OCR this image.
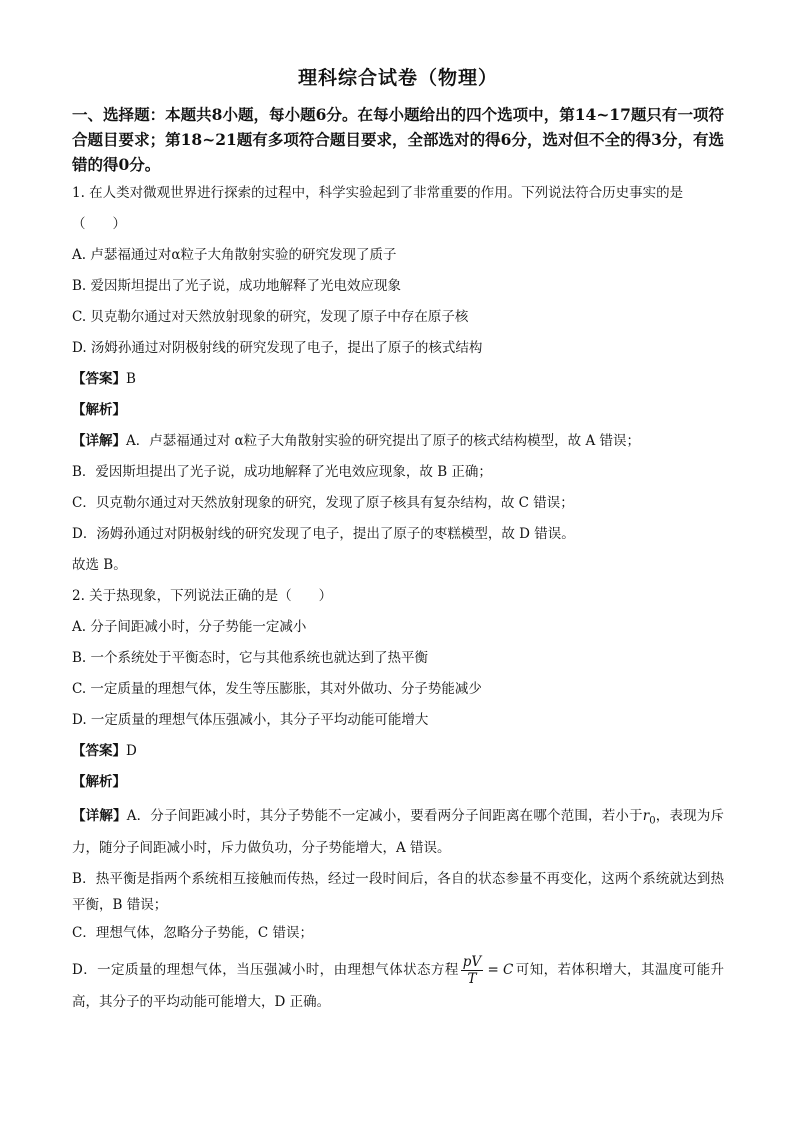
理科综合试卷（物理）
一、选择题：本题共8小题，每小题6分。在每小题给出的四个选项中，第14~17题只有一项符合题目要求；第18~21题有多项符合题目要求，全部选对的得6分，选对但不全的得3分，有选错的得0分。
1. 在人类对微观世界进行探索的过程中，科学实验起到了非常重要的作用。下列说法符合历史事实的是
（　　）
A. 卢瑟福通过对α粒子大角散射实验的研究发现了质子
B. 爱因斯坦提出了光子说，成功地解释了光电效应现象
C. 贝克勒尔通过对天然放射现象的研究，发现了原子中存在原子核
D. 汤姆孙通过对阴极射线的研究发现了电子，提出了原子的核式结构
【答案】B
【解析】
【详解】A．卢瑟福通过对 α粒子大角散射实验的研究提出了原子的核式结构模型，故 A 错误；
B．爱因斯坦提出了光子说，成功地解释了光电效应现象，故 B 正确；
C．贝克勒尔通过对天然放射现象的研究，发现了原子核具有复杂结构，故 C 错误；
D．汤姆孙通过对阴极射线的研究发现了电子，提出了原子的枣糕模型，故 D 错误。
故选 B。
2. 关于热现象，下列说法正确的是（　　）
A. 分子间距减小时，分子势能一定减小
B. 一个系统处于平衡态时，它与其他系统也就达到了热平衡
C. 一定质量的理想气体，发生等压膨胀，其对外做功、分子势能减少
D. 一定质量的理想气体压强减小，其分子平均动能可能增大
【答案】D
【解析】
【详解】A．分子间距减小时，其分子势能不一定减小，要看两分子间距离在哪个范围，若小于$r_0$，表现为斥力，随分子间距减小时，斥力做负功，分子势能增大，A 错误。
B．热平衡是指两个系统相互接触而传热，经过一段时间后，各自的状态参量不再变化，这两个系统就达到热平衡，B 错误；
C．理想气体，忽略分子势能，C 错误；
D．一定质量的理想气体，当压强减小时，由理想气体状态方程 $\frac{pV}{T} = C$ 可知，若体积增大，其温度可能升高，其分子的平均动能可能增大，D 正确。
